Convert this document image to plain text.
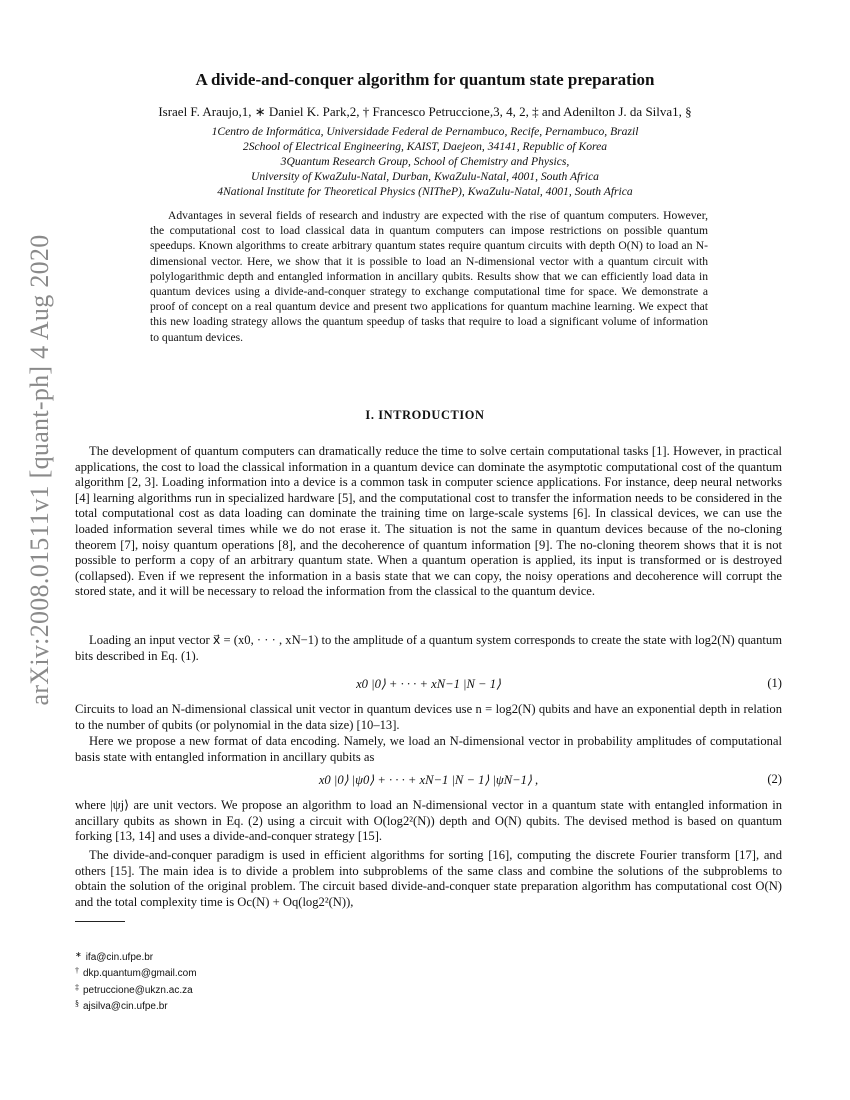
arXiv:2008.01511v1 [quant-ph] 4 Aug 2020
A divide-and-conquer algorithm for quantum state preparation
Israel F. Araujo,1, ∗ Daniel K. Park,2, † Francesco Petruccione,3, 4, 2, ‡ and Adenilton J. da Silva1, §
1Centro de Informática, Universidade Federal de Pernambuco, Recife, Pernambuco, Brazil
2School of Electrical Engineering, KAIST, Daejeon, 34141, Republic of Korea
3Quantum Research Group, School of Chemistry and Physics,
University of KwaZulu-Natal, Durban, KwaZulu-Natal, 4001, South Africa
4National Institute for Theoretical Physics (NITheP), KwaZulu-Natal, 4001, South Africa
Advantages in several fields of research and industry are expected with the rise of quantum computers. However, the computational cost to load classical data in quantum computers can impose restrictions on possible quantum speedups. Known algorithms to create arbitrary quantum states require quantum circuits with depth O(N) to load an N-dimensional vector. Here, we show that it is possible to load an N-dimensional vector with a quantum circuit with polylogarithmic depth and entangled information in ancillary qubits. Results show that we can efficiently load data in quantum devices using a divide-and-conquer strategy to exchange computational time for space. We demonstrate a proof of concept on a real quantum device and present two applications for quantum machine learning. We expect that this new loading strategy allows the quantum speedup of tasks that require to load a significant volume of information to quantum devices.
I. INTRODUCTION
The development of quantum computers can dramatically reduce the time to solve certain computational tasks [1]. However, in practical applications, the cost to load the classical information in a quantum device can dominate the asymptotic computational cost of the quantum algorithm [2, 3]. Loading information into a device is a common task in computer science applications. For instance, deep neural networks [4] learning algorithms run in specialized hardware [5], and the computational cost to transfer the information needs to be considered in the total computational cost as data loading can dominate the training time on large-scale systems [6]. In classical devices, we can use the loaded information several times while we do not erase it. The situation is not the same in quantum devices because of the no-cloning theorem [7], noisy quantum operations [8], and the decoherence of quantum information [9]. The no-cloning theorem shows that it is not possible to perform a copy of an arbitrary quantum state. When a quantum operation is applied, its input is transformed or is destroyed (collapsed). Even if we represent the information in a basis state that we can copy, the noisy operations and decoherence will corrupt the stored state, and it will be necessary to reload the information from the classical to the quantum device.
Loading an input vector x⃗ = (x0, · · · , xN−1) to the amplitude of a quantum system corresponds to create the state with log2(N) quantum bits described in Eq. (1).
x0 |0⟩ + · · · + xN−1 |N − 1⟩	(1)
Circuits to load an N-dimensional classical unit vector in quantum devices use n = log2(N) qubits and have an exponential depth in relation to the number of qubits (or polynomial in the data size) [10–13].
Here we propose a new format of data encoding. Namely, we load an N-dimensional vector in probability amplitudes of computational basis state with entangled information in ancillary qubits as
x0 |0⟩ |ψ0⟩ + · · · + xN−1 |N − 1⟩ |ψN−1⟩ ,	(2)
where |ψj⟩ are unit vectors. We propose an algorithm to load an N-dimensional vector in a quantum state with entangled information in ancillary qubits as shown in Eq. (2) using a circuit with O(log2²(N)) depth and O(N) qubits. The devised method is based on quantum forking [13, 14] and uses a divide-and-conquer strategy [15].
The divide-and-conquer paradigm is used in efficient algorithms for sorting [16], computing the discrete Fourier transform [17], and others [15]. The main idea is to divide a problem into subproblems of the same class and combine the solutions of the subproblems to obtain the solution of the original problem. The circuit based divide-and-conquer state preparation algorithm has computational cost O(N) and the total complexity time is Oc(N) + Oq(log2²(N)),
∗ ifa@cin.ufpe.br
† dkp.quantum@gmail.com
‡ petruccione@ukzn.ac.za
§ ajsilva@cin.ufpe.br
